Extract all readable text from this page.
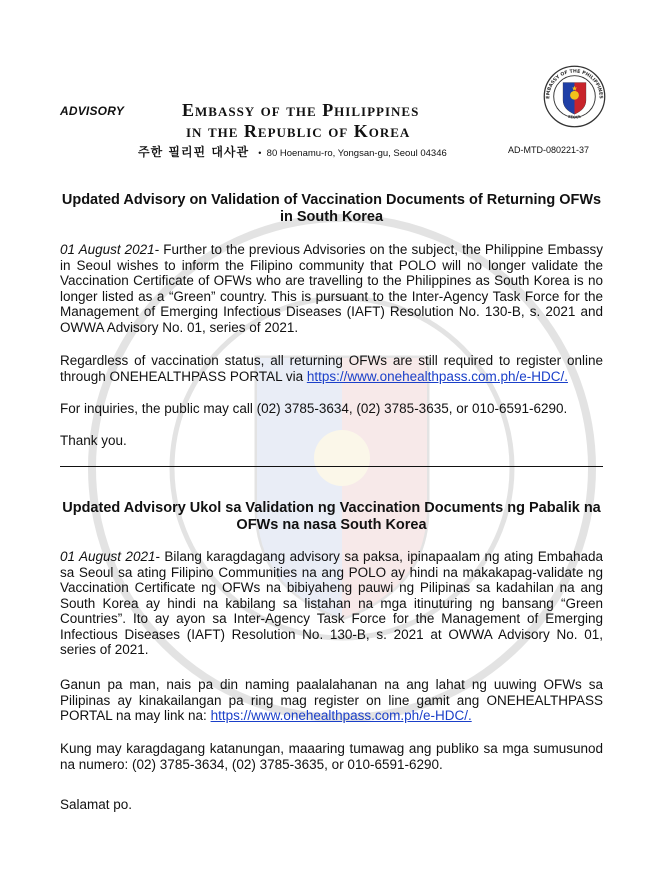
ADVISORY	Embassy of the Philippines
in the Republic of Korea
주한 필리핀 대사관 • 80 Hoenamu-ro, Yongsan-gu, Seoul 04346	AD-MTD-080221-37
EMBASSY OF THE PHILIPPINES
SEOUL
Updated Advisory on Validation of Vaccination Documents of Returning OFWs in South Korea
01 August 2021- Further to the previous Advisories on the subject, the Philippine Embassy in Seoul wishes to inform the Filipino community that POLO will no longer validate the Vaccination Certificate of OFWs who are travelling to the Philippines as South Korea is no longer listed as a “Green” country. This is pursuant to the Inter-Agency Task Force for the Management of Emerging Infectious Diseases (IAFT) Resolution No. 130-B, s. 2021 and OWWA Advisory No. 01, series of 2021.
Regardless of vaccination status, all returning OFWs are still required to register online through ONEHEALTHPASS PORTAL via https://www.onehealthpass.com.ph/e-HDC/.
For inquiries, the public may call (02) 3785-3634, (02) 3785-3635, or 010-6591-6290.
Thank you.
Updated Advisory Ukol sa Validation ng Vaccination Documents ng Pabalik na OFWs na nasa South Korea
01 August 2021- Bilang karagdagang advisory sa paksa, ipinapaalam ng ating Embahada sa Seoul sa ating Filipino Communities na ang POLO ay hindi na makakapag-validate ng Vaccination Certificate ng OFWs na bibiyaheng pauwi ng Pilipinas sa kadahilan na ang South Korea ay hindi na kabilang sa listahan na mga itinuturing ng bansang “Green Countries”. Ito ay ayon sa Inter-Agency Task Force for the Management of Emerging Infectious Diseases (IAFT) Resolution No. 130-B, s. 2021 at OWWA Advisory No. 01, series of 2021.
Ganun pa man, nais pa din naming paalalahanan na ang lahat ng uuwing OFWs sa Pilipinas ay kinakailangan pa ring mag register on line gamit ang ONEHEALTHPASS PORTAL na may link na: https://www.onehealthpass.com.ph/e-HDC/.
Kung may karagdagang katanungan, maaaring tumawag ang publiko sa mga sumusunod na numero: (02) 3785-3634, (02) 3785-3635, or 010-6591-6290.
Salamat po.
